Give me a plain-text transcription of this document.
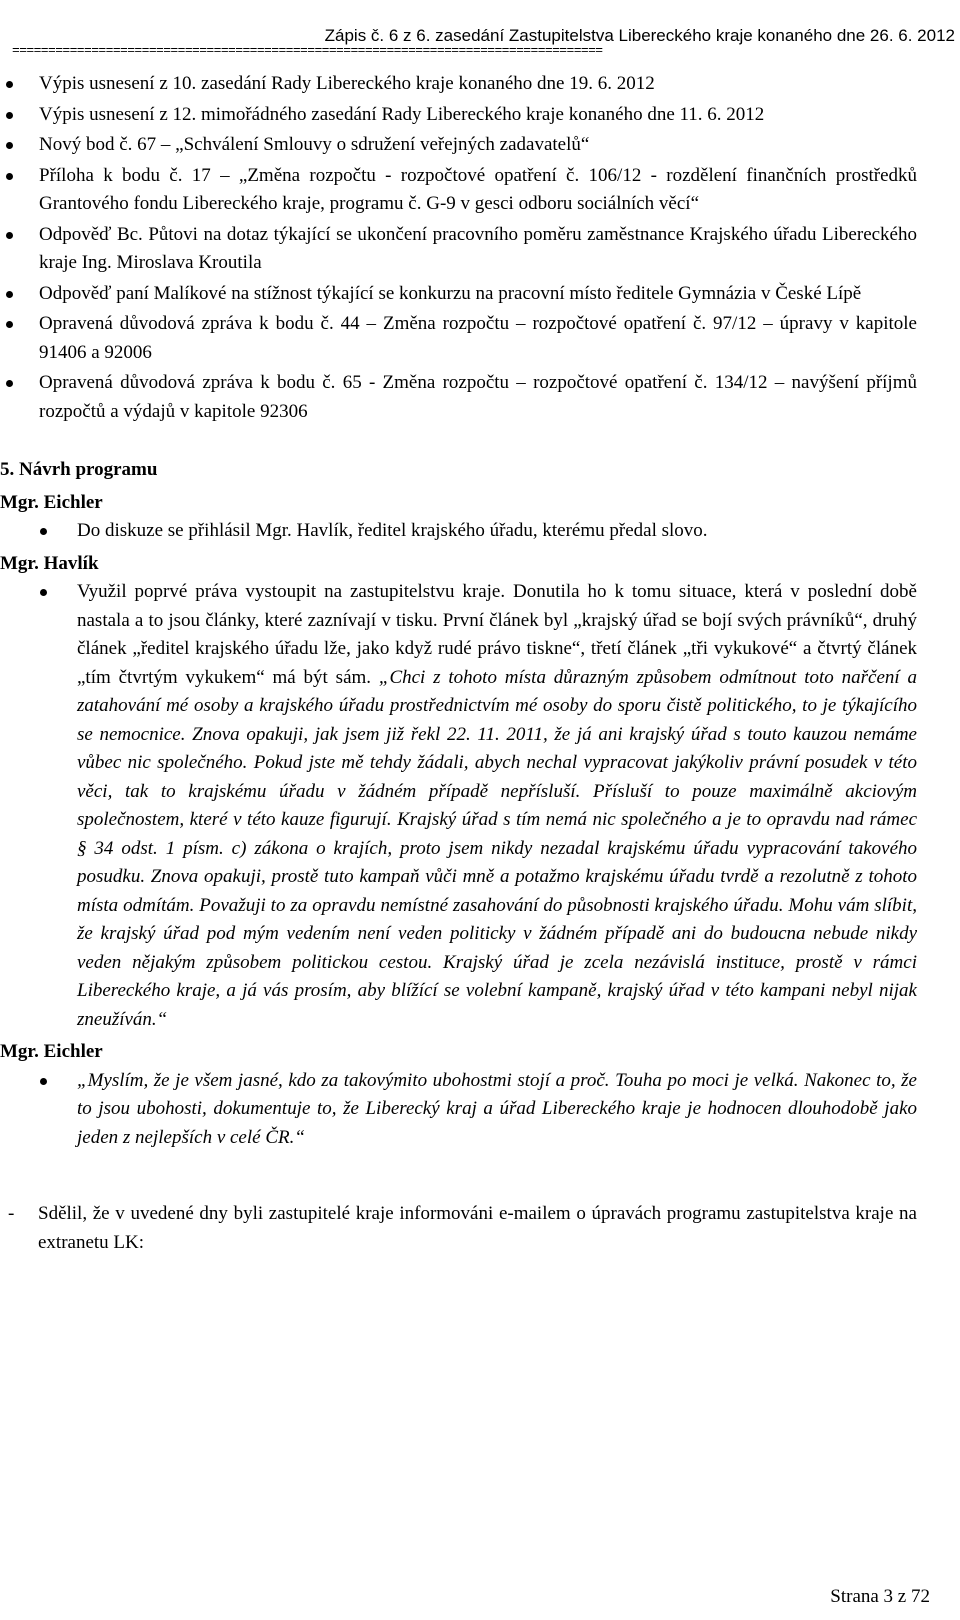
Zápis č. 6 z 6. zasedání Zastupitelstva Libereckého kraje konaného dne 26. 6. 2012
==================================================================================
Výpis usnesení z 10. zasedání Rady Libereckého kraje konaného dne 19. 6. 2012
Výpis usnesení z 12. mimořádného zasedání Rady Libereckého kraje konaného dne 11. 6. 2012
Nový bod č. 67 – „Schválení Smlouvy o sdružení veřejných zadavatelů“
Příloha k bodu č. 17 – „Změna rozpočtu - rozpočtové opatření č. 106/12 - rozdělení finančních prostředků Grantového fondu Libereckého kraje, programu č. G-9 v gesci odboru sociálních věcí“
Odpověď Bc. Půtovi na dotaz týkající se ukončení pracovního poměru zaměstnance Krajského úřadu Libereckého kraje Ing. Miroslava Kroutila
Odpověď paní Malíkové na stížnost týkající se konkurzu na pracovní místo ředitele Gymnázia v České Lípě
Opravená důvodová zpráva k bodu č. 44 – Změna rozpočtu – rozpočtové opatření č. 97/12 – úpravy v kapitole 91406 a 92006
Opravená důvodová zpráva k bodu č. 65 - Změna rozpočtu – rozpočtové opatření č. 134/12 – navýšení příjmů rozpočtů a výdajů v kapitole 92306
5. Návrh programu
Mgr. Eichler
Do diskuze se přihlásil Mgr. Havlík, ředitel krajského úřadu, kterému předal slovo.
Mgr. Havlík
Využil poprvé práva vystoupit na zastupitelstvu kraje. Donutila ho k tomu situace, která v poslední době nastala a to jsou články, které zaznívají v tisku. První článek byl „krajský úřad se bojí svých právníků“, druhý článek „ředitel krajského úřadu lže, jako když rudé právo tiskne“, třetí článek „tři vykukové“ a čtvrtý článek „tím čtvrtým vykukem“ má být sám. „Chci z tohoto místa důrazným způsobem odmítnout toto nařčení a zatahování mé osoby a krajského úřadu prostřednictvím mé osoby do sporu čistě politického, to je týkajícího se nemocnice. Znova opakuji, jak jsem již řekl 22. 11. 2011, že já ani krajský úřad s touto kauzou nemáme vůbec nic společného. Pokud jste mě tehdy žádali, abych nechal vypracovat jakýkoliv právní posudek v této věci, tak to krajskému úřadu v žádném případě nepřísluší. Přísluší to pouze maximálně akciovým společnostem, které v této kauze figurují. Krajský úřad s tím nemá nic společného a je to opravdu nad rámec § 34 odst. 1 písm. c) zákona o krajích, proto jsem nikdy nezadal krajskému úřadu vypracování takového posudku. Znova opakuji, prostě tuto kampaň vůči mně a potažmo krajskému úřadu tvrdě a rezolutně z tohoto místa odmítám. Považuji to za opravdu nemístné zasahování do působnosti krajského úřadu. Mohu vám slíbit, že krajský úřad pod mým vedením není veden politicky v žádném případě ani do budoucna nebude nikdy veden nějakým způsobem politickou cestou. Krajský úřad je zcela nezávislá instituce, prostě v rámci Libereckého kraje, a já vás prosím, aby blížící se volební kampaně, krajský úřad v této kampani nebyl nijak zneužíván.“
Mgr. Eichler
„Myslím, že je všem jasné, kdo za takovýmito ubohostmi stojí a proč. Touha po moci je velká. Nakonec to, že to jsou ubohosti, dokumentuje to, že Liberecký kraj a úřad Libereckého kraje je hodnocen dlouhodobě jako jeden z nejlepších v celé ČR.“
- Sdělil, že v uvedené dny byli zastupitelé kraje informováni e-mailem o úpravách programu zastupitelstva kraje na extranetu LK:
Strana 3 z 72
